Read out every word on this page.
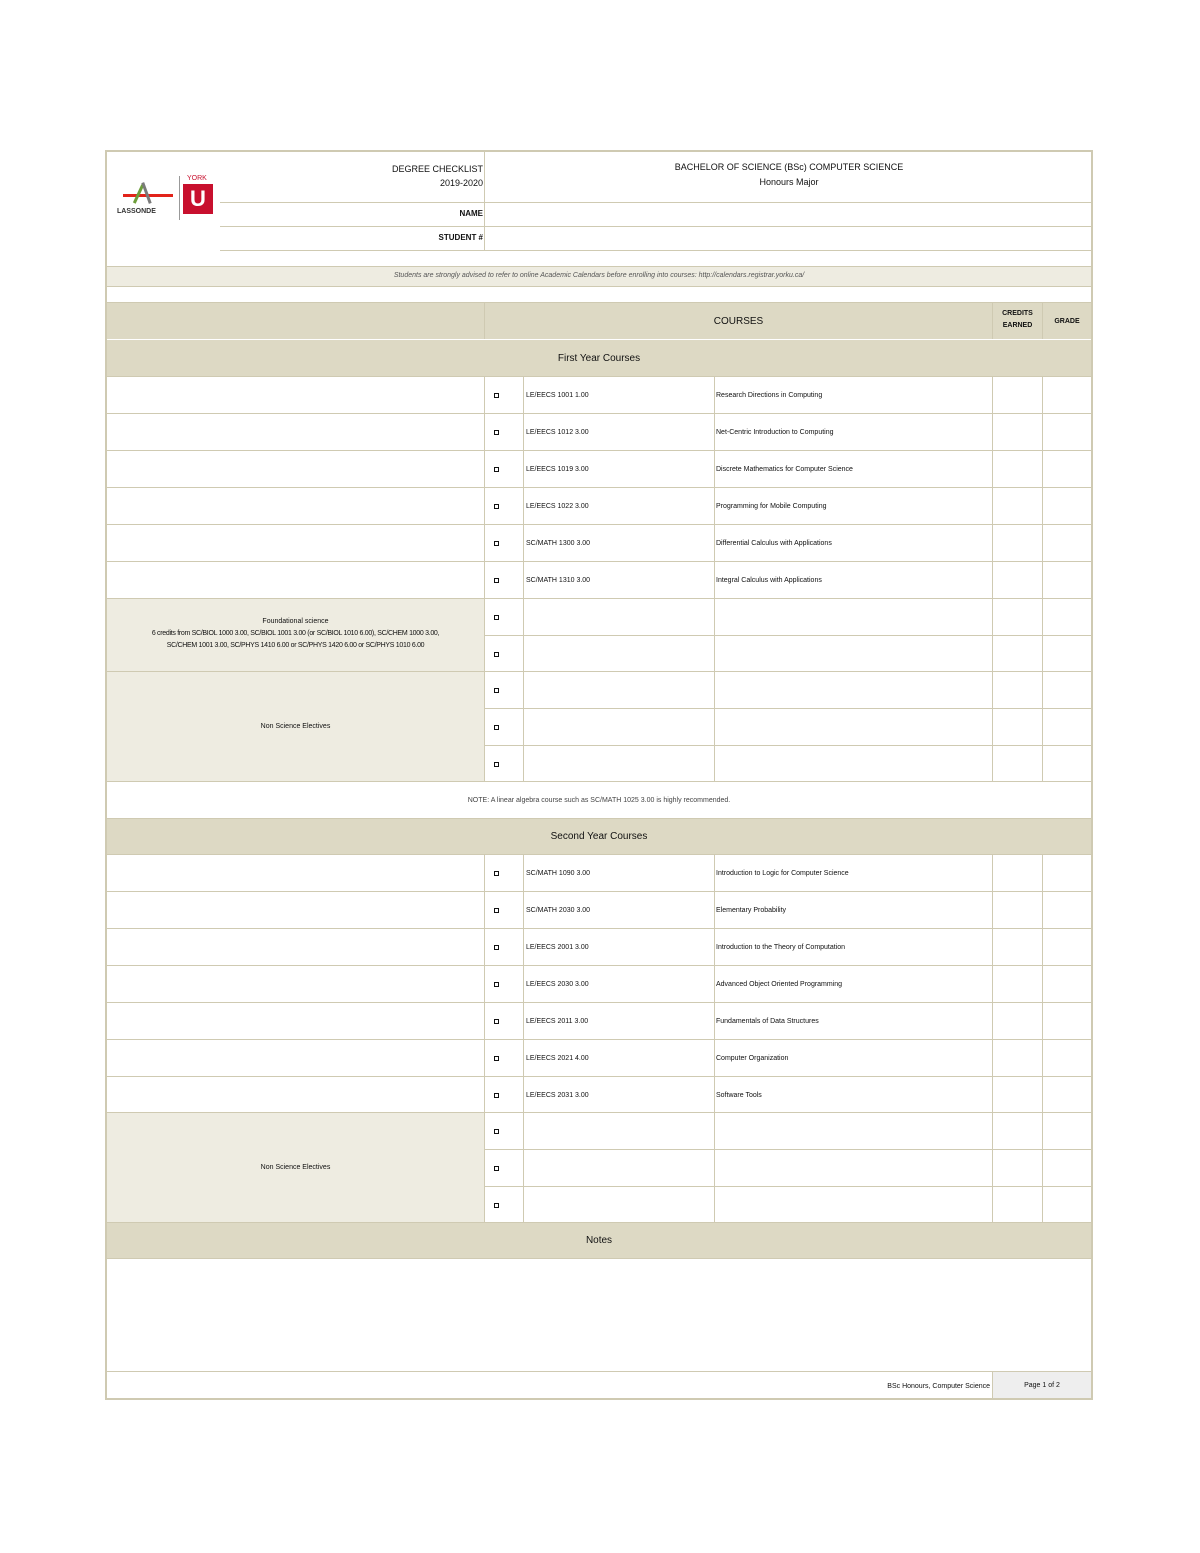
LASSONDE
YORK
U
DEGREE CHECKLIST
2019-2020
BACHELOR OF SCIENCE (BSc) COMPUTER SCIENCE
Honours Major
NAME
STUDENT #
Students are strongly advised to refer to online Academic Calendars before enrolling into courses: http://calendars.registrar.yorku.ca/
COURSES
CREDITS
EARNED
GRADE
First Year Courses
LE/EECS 1001 1.00	Research Directions in Computing
LE/EECS 1012 3.00	Net-Centric Introduction to Computing
LE/EECS 1019 3.00	Discrete Mathematics for Computer Science
LE/EECS 1022 3.00	Programming for Mobile Computing
SC/MATH 1300 3.00	Differential Calculus with Applications
SC/MATH 1310 3.00	Integral Calculus with Applications
Foundational science
6 credits from SC/BIOL 1000 3.00, SC/BIOL 1001 3.00 (or SC/BIOL 1010 6.00), SC/CHEM 1000 3.00,
SC/CHEM 1001 3.00, SC/PHYS 1410 6.00 or SC/PHYS 1420 6.00 or SC/PHYS 1010 6.00
Non Science Electives
NOTE: A linear algebra course such as SC/MATH 1025 3.00 is highly recommended.
Second Year Courses
SC/MATH 1090 3.00	Introduction to Logic for Computer Science
SC/MATH 2030 3.00	Elementary Probability
LE/EECS 2001 3.00	Introduction to the Theory of Computation
LE/EECS 2030 3.00	Advanced Object Oriented Programming
LE/EECS 2011 3.00	Fundamentals of Data Structures
LE/EECS 2021 4.00	Computer Organization
LE/EECS 2031 3.00	Software Tools
Non Science Electives
Notes
BSc Honours, Computer Science	Page 1 of 2
